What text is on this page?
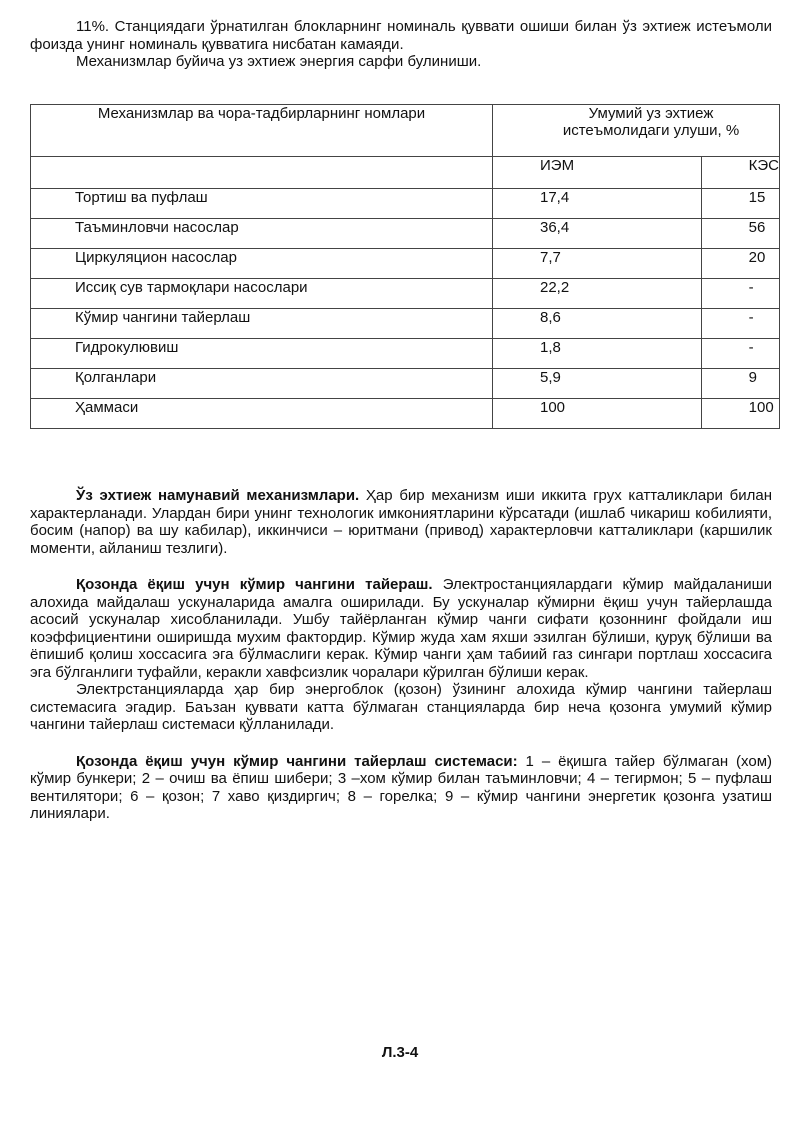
11%. Станциядаги ўрнатилган блокларнинг номиналь қуввати ошиши билан ўз эхтиеж истеъмоли фоизда унинг номиналь қувватига нисбатан камаяди.

Механизмлар буйича уз эхтиеж энергия сарфи булиниши.

Механизмлар ва чора-тадбирларнинг номлари	Умумий уз эхтиеж истеъмолидаги улуши, %	
	ИЭМ	КЭС
Тортиш ва пуфлаш	17,4	15
Таъминловчи насослар	36,4	56
Циркуляцион насослар	7,7	20
Иссиқ сув тармоқлари насослари	22,2	-
Кўмир чангини тайерлаш	8,6	-
Гидрокулювиш	1,8	-
Қолганлари	5,9	9
Ҳаммаси	100	100

Ўз эхтиеж намунавий механизмлари. Ҳар бир механизм иши иккита грух катталиклари билан характерланади. Улардан бири унинг технологик имкониятларини кўрсатади (ишлаб чикариш кобилияти, босим (напор) ва шу кабилар), иккинчиси – юритмани (привод) характерловчи катталиклари (каршилик моменти, айланиш тезлиги).

Қозонда ёқиш учун кўмир чангини тайераш. Электростанциялардаги кўмир майдаланиши алохида майдалаш ускуналарида амалга оширилади. Бу ускуналар кўмирни ёқиш учун тайерлашда асосий ускуналар хисобланилади. Ушбу тайёрланган кўмир чанги сифати қозоннинг фойдали иш коэффициентини оширишда мухим фактордир. Кўмир жуда хам яхши эзилган бўлиши, қуруқ бўлиши ва ёпишиб қолиш хоссасига эга бўлмаслиги керак. Кўмир чанги ҳам табиий газ сингари портлаш хоссасига эга бўлганлиги туфайли, керакли хавфсизлик чоралари кўрилган бўлиши керак.

Электрстанцияларда ҳар бир энергоблок (қозон) ўзининг алохида кўмир чангини тайерлаш системасига эгадир. Баъзан қуввати катта бўлмаган станцияларда бир неча қозонга умумий кўмир чангини тайерлаш системаси қўлланилади.

Қозонда ёқиш учун кўмир чангини тайерлаш системаси: 1 – ёқишга тайер бўлмаган (хом) кўмир бункери; 2 – очиш ва ёпиш шибери; 3 –хом кўмир билан таъминловчи; 4 – тегирмон; 5 – пуфлаш вентилятори; 6 – қозон; 7 хаво қиздиргич; 8 – горелка; 9 – кўмир чангини энергетик қозонга узатиш линиялари.

Л.3-4
